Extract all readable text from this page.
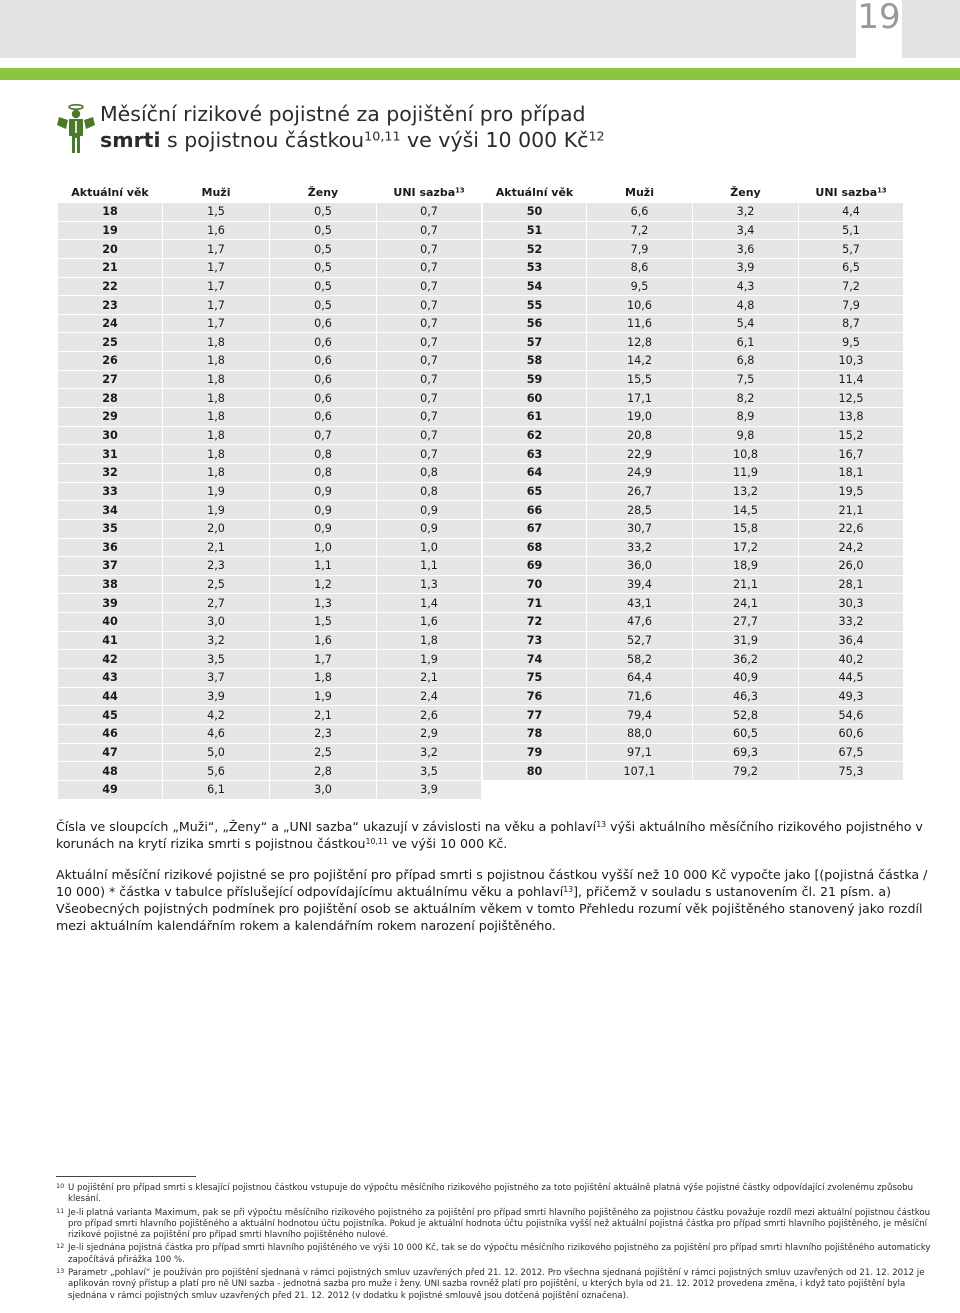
19
Měsíční rizikové pojistné za pojištění pro případ
smrti s pojistnou částkou$^{10,11}$ ve výši 10 000 $Kč^{12}$
Aktuální věk	Muži	Ženy	UNI sazba$^{13}$
18	1,5	0,5	0,7
19	1,6	0,5	0,7
20	1,7	0,5	0,7
21	1,7	0,5	0,7
22	1,7	0,5	0,7
23	1,7	0,5	0,7
24	1,7	0,6	0,7
25	1,8	0,6	0,7
26	1,8	0,6	0,7
27	1,8	0,6	0,7
28	1,8	0,6	0,7
29	1,8	0,6	0,7
30	1,8	0,7	0,7
31	1,8	0,8	0,7
32	1,8	0,8	0,8
33	1,9	0,9	0,8
34	1,9	0,9	0,9
35	2,0	0,9	0,9
36	2,1	1,0	1,0
37	2,3	1,1	1,1
38	2,5	1,2	1,3
39	2,7	1,3	1,4
40	3,0	1,5	1,6
41	3,2	1,6	1,8
42	3,5	1,7	1,9
43	3,7	1,8	2,1
44	3,9	1,9	2,4
45	4,2	2,1	2,6
46	4,6	2,3	2,9
47	5,0	2,5	3,2
48	5,6	2,8	3,5
49	6,1	3,0	3,9
Aktuální věk	Muži	Ženy	UNI sazba$^{13}$
50	6,6	3,2	4,4
51	7,2	3,4	5,1
52	7,9	3,6	5,7
53	8,6	3,9	6,5
54	9,5	4,3	7,2
55	10,6	4,8	7,9
56	11,6	5,4	8,7
57	12,8	6,1	9,5
58	14,2	6,8	10,3
59	15,5	7,5	11,4
60	17,1	8,2	12,5
61	19,0	8,9	13,8
62	20,8	9,8	15,2
63	22,9	10,8	16,7
64	24,9	11,9	18,1
65	26,7	13,2	19,5
66	28,5	14,5	21,1
67	30,7	15,8	22,6
68	33,2	17,2	24,2
69	36,0	18,9	26,0
70	39,4	21,1	28,1
71	43,1	24,1	30,3
72	47,6	27,7	33,2
73	52,7	31,9	36,4
74	58,2	36,2	40,2
75	64,4	40,9	44,5
76	71,6	46,3	49,3
77	79,4	52,8	54,6
78	88,0	60,5	60,6
79	97,1	69,3	67,5
80	107,1	79,2	75,3
Čísla ve sloupcích „Muži“, „Ženy“ a „UNI sazba“ ukazují v závislosti na věku a pohlaví$^{13}$ výši aktuálního měsíčního rizikového pojistného v korunách na krytí rizika smrti s pojistnou částkou$^{10,11}$ ve výši 10 000 Kč.
Aktuální měsíční rizikové pojistné se pro pojištění pro případ smrti s pojistnou částkou vyšší než 10 000 Kč vypočte jako [(pojistná částka / 10 000) * částka v tabulce příslušející odpovídajícímu aktuálnímu věku a pohlaví$^{13}$], přičemž v souladu s ustanovením čl. 21 písm. a) Všeobecných pojistných podmínek pro pojištění osob se aktuálním věkem v tomto Přehledu rozumí věk pojištěného stanovený jako rozdíl mezi aktuálním kalendářním rokem a kalendářním rokem narození pojištěného.
10 U pojištění pro případ smrti s klesající pojistnou částkou vstupuje do výpočtu měsíčního rizikového pojistného za toto pojištění aktuálně platná výše pojistné částky odpovídající zvolenému způsobu klesání.
11 Je-li platná varianta Maximum, pak se při výpočtu měsíčního rizikového pojistného za pojištění pro případ smrti hlavního pojištěného za pojistnou částku považuje rozdíl mezi aktuální pojistnou částkou pro případ smrti hlavního pojištěného a aktuální hodnotou účtu pojistníka. Pokud je aktuální hodnota účtu pojistníka vyšší než aktuální pojistná částka pro případ smrti hlavního pojištěného, je měsíční rizikové pojistné za pojištění pro případ smrti hlavního pojištěného nulové.
12 Je-li sjednána pojistná částka pro případ smrti hlavního pojištěného ve výši 10 000 Kč, tak se do výpočtu měsíčního rizikového pojistného za pojištění pro případ smrti hlavního pojištěného automaticky započítává přirážka 100 %.
13 Parametr „pohlaví“ je používán pro pojištění sjednaná v rámci pojistných smluv uzavřených před 21. 12. 2012. Pro všechna sjednaná pojištění v rámci pojistných smluv uzavřených od 21. 12. 2012 je aplikován rovný přístup a platí pro ně UNI sazba - jednotná sazba pro muže i ženy. UNI sazba rovněž platí pro pojištění, u kterých byla od 21. 12. 2012 provedena změna, i když tato pojištění byla sjednána v rámci pojistných smluv uzavřených před 21. 12. 2012 (v dodatku k pojistné smlouvě jsou dotčená pojištění označena).
